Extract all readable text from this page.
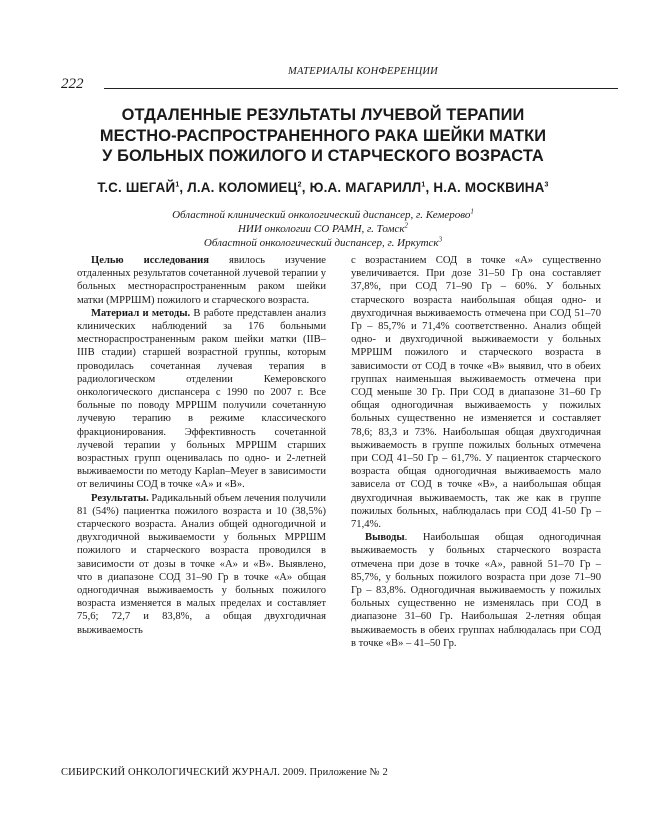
МАТЕРИАЛЫ КОНФЕРЕНЦИИ
222
ОТДАЛЕННЫЕ РЕЗУЛЬТАТЫ ЛУЧЕВОЙ ТЕРАПИИ
МЕСТНО-РАСПРОСТРАНЕННОГО РАКА ШЕЙКИ МАТКИ
У БОЛЬНЫХ ПОЖИЛОГО И СТАРЧЕСКОГО ВОЗРАСТА
Т.С. ШЕГАЙ$^1$, Л.А. КОЛОМИЕЦ$^2$, Ю.А. МАГАРИЛЛ$^1$, Н.А. МОСКВИНА$^3$
Областной клинический онкологический диспансер, г. Кемерово$^1$
НИИ онкологии СО РАМН, г. Томск$^2$
Областной онкологический диспансер, г. Иркутск$^3$

Целью исследования явилось изучение отдаленных результатов сочетанной лучевой терапии у больных местнораспространенным раком шейки матки (МРРШМ) пожилого и старческого возраста.

Материал и методы. В работе представлен анализ клинических наблюдений за 176 больными местнораспространенным раком шейки матки (IIB–IIIB стадии) старшей возрастной группы, которым проводилась сочетанная лучевая терапия в радиологическом отделении Кемеровского онкологического диспансера с 1990 по 2007 г. Все больные по поводу МРРШМ получили сочетанную лучевую терапию в режиме классического фракционирования. Эффективность сочетанной лучевой терапии у больных МРРШМ старших возрастных групп оценивалась по одно- и 2-летней выживаемости по методу Kaplan–Meyer в зависимости от величины СОД в точке «А» и «В».

Результаты. Радикальный объем лечения получили 81 (54%) пациентка пожилого возраста и 10 (38,5%) старческого возраста. Анализ общей одногодичной и двухгодичной выживаемости у больных МРРШМ пожилого и старческого возраста проводился в зависимости от дозы в точке «А» и «В». Выявлено, что в диапазоне СОД 31–90 Гр в точке «А» общая одногодичная выживаемость у больных пожилого возраста изменяется в малых пределах и составляет 75,6; 72,7 и 83,8%, а общая двухгодичная выживаемость

с возрастанием СОД в точке «А» существенно увеличивается. При дозе 31–50 Гр она составляет 37,8%, при СОД 71–90 Гр – 60%. У больных старческого возраста наибольшая общая одно- и двухгодичная выживаемость отмечена при СОД 51–70 Гр – 85,7% и 71,4% соответственно. Анализ общей одно- и двухгодичной выживаемости у больных МРРШМ пожилого и старческого возраста в зависимости от СОД в точке «В» выявил, что в обеих группах наименьшая выживаемость отмечена при СОД меньше 30 Гр. При СОД в диапазоне 31–60 Гр общая одногодичная выживаемость у пожилых больных существенно не изменяется и составляет 78,6; 83,3 и 73%. Наибольшая общая двухгодичная выживаемость в группе пожилых больных отмечена при СОД 41–50 Гр – 61,7%. У пациенток старческого возраста общая одногодичная выживаемость мало зависела от СОД в точке «В», а наибольшая общая двухгодичная выживаемость, так же как в группе пожилых больных, наблюдалась при СОД 41-50 Гр – 71,4%.

Выводы. Наибольшая общая одногодичная выживаемость у больных старческого возраста отмечена при дозе в точке «А», равной 51–70 Гр – 85,7%, у больных пожилого возраста при дозе 71–90 Гр – 83,8%. Одногодичная выживаемость у пожилых больных существенно не изменялась при СОД в диапазоне 31–60 Гр. Наибольшая 2-летняя общая выживаемость в обеих группах наблюдалась при СОД в точке «В» – 41–50 Гр.

СИБИРСКИЙ ОНКОЛОГИЧЕСКИЙ ЖУРНАЛ. 2009. Приложение № 2
